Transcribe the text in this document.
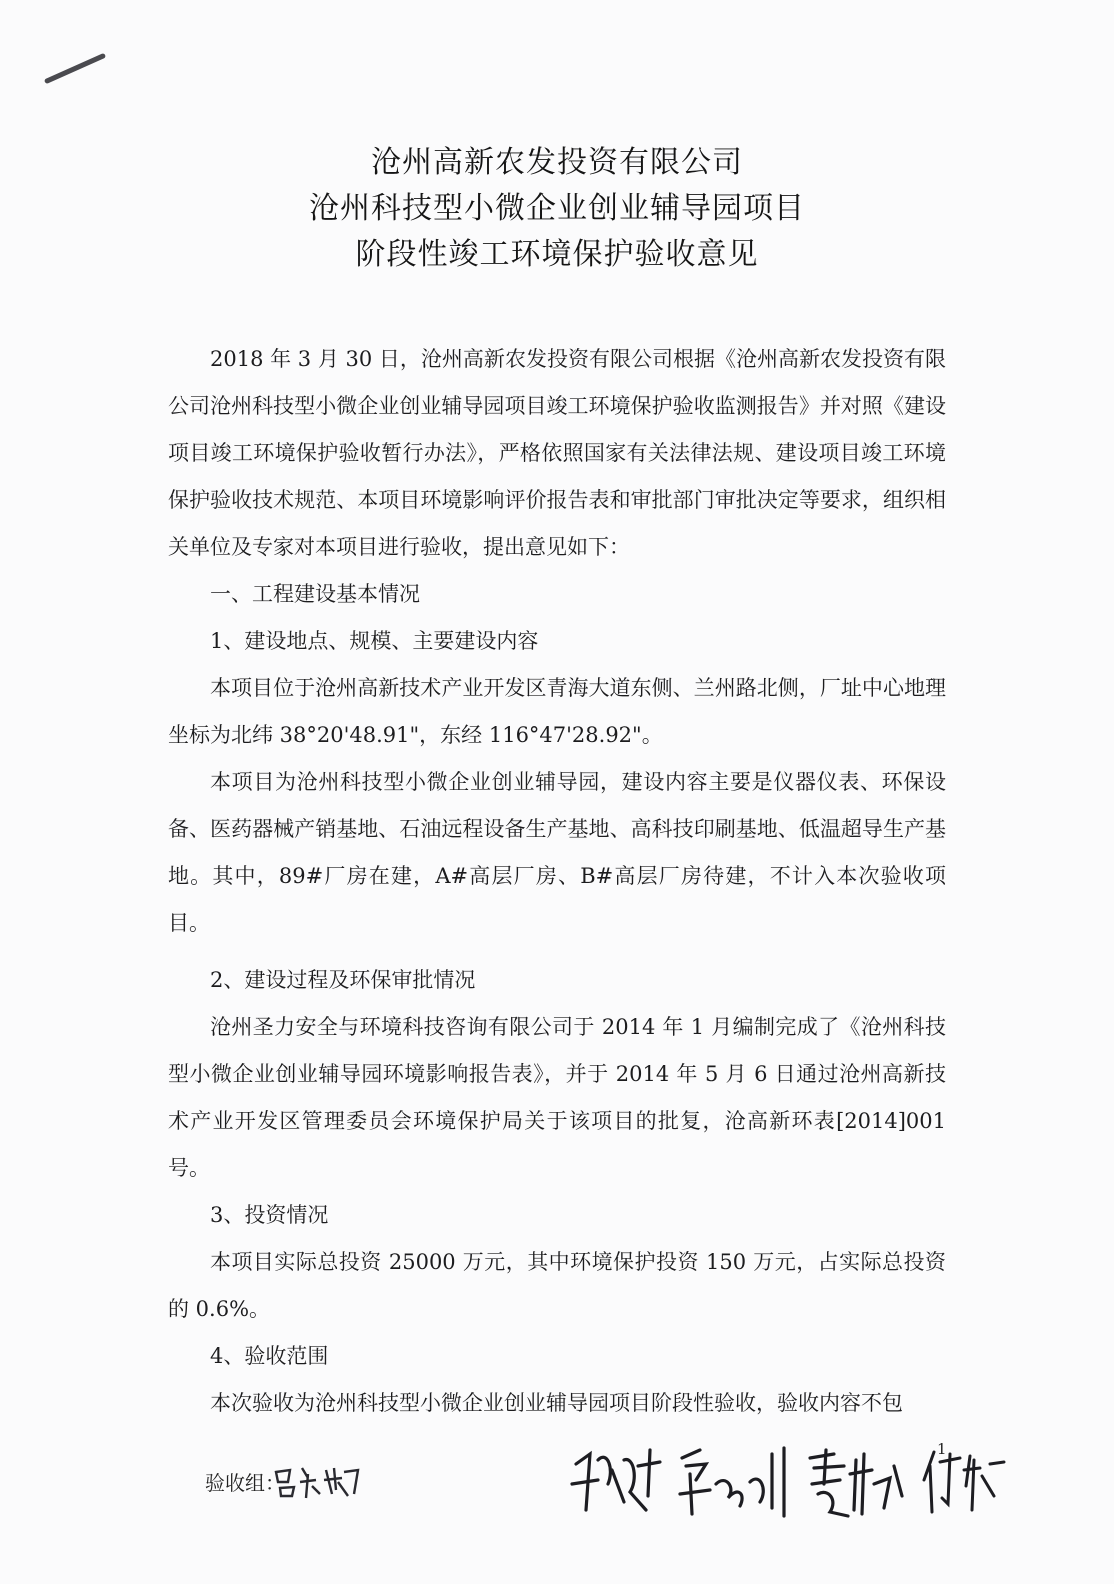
沧州高新农发投资有限公司
沧州科技型小微企业创业辅导园项目
阶段性竣工环境保护验收意见

2018 年 3 月 30 日，沧州高新农发投资有限公司根据《沧州高新农发投资有限公司沧州科技型小微企业创业辅导园项目竣工环境保护验收监测报告》并对照《建设项目竣工环境保护验收暂行办法》，严格依照国家有关法律法规、建设项目竣工环境保护验收技术规范、本项目环境影响评价报告表和审批部门审批决定等要求，组织相关单位及专家对本项目进行验收，提出意见如下：

一、工程建设基本情况

1、建设地点、规模、主要建设内容

本项目位于沧州高新技术产业开发区青海大道东侧、兰州路北侧，厂址中心地理坐标为北纬 38°20'48.91"，东经 116°47'28.92"。

本项目为沧州科技型小微企业创业辅导园，建设内容主要是仪器仪表、环保设备、医药器械产销基地、石油远程设备生产基地、高科技印刷基地、低温超导生产基地。其中，89#厂房在建，A#高层厂房、B#高层厂房待建，不计入本次验收项目。

2、建设过程及环保审批情况

沧州圣力安全与环境科技咨询有限公司于 2014 年 1 月编制完成了《沧州科技型小微企业创业辅导园环境影响报告表》，并于 2014 年 5 月 6 日通过沧州高新技术产业开发区管理委员会环境保护局关于该项目的批复，沧高新环表[2014]001 号。

3、投资情况

本项目实际总投资 25000 万元，其中环境保护投资 150 万元，占实际总投资的 0.6%。

4、验收范围

本次验收为沧州科技型小微企业创业辅导园项目阶段性验收，验收内容不包

1
验收组：
